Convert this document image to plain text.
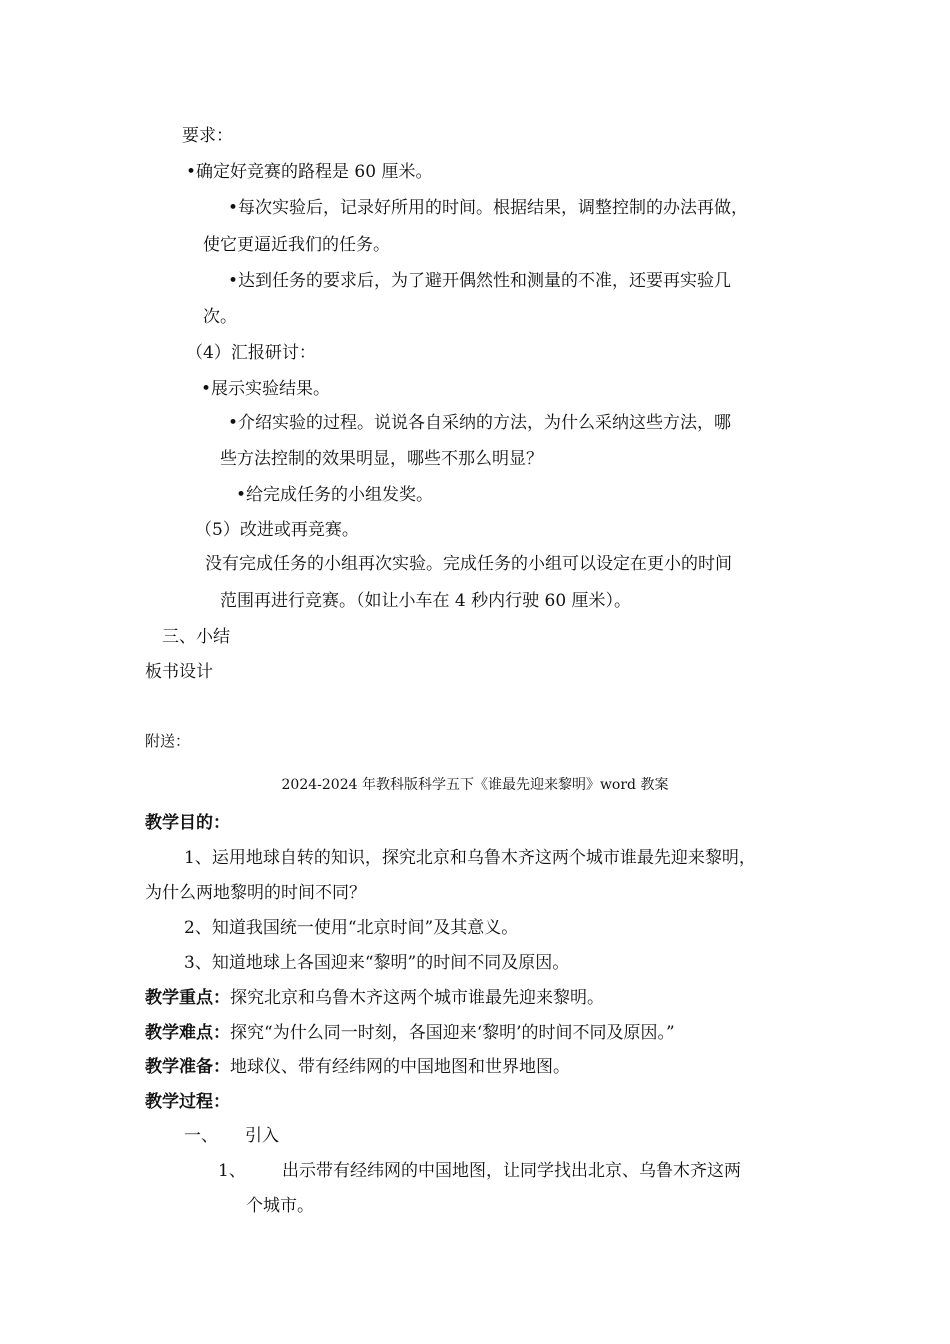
要求：
•确定好竞赛的路程是 60 厘米。
•每次实验后，记录好所用的时间。根据结果，调整控制的办法再做，
使它更逼近我们的任务。
•达到任务的要求后，为了避开偶然性和测量的不准，还要再实验几
次。
（4）汇报研讨：
•展示实验结果。
•介绍实验的过程。说说各自采纳的方法，为什么采纳这些方法，哪
些方法控制的效果明显，哪些不那么明显？
•给完成任务的小组发奖。
（5）改进或再竞赛。
没有完成任务的小组再次实验。完成任务的小组可以设定在更小的时间
范围再进行竞赛。（如让小车在 4 秒内行驶 60 厘米）。
三、小结
板书设计
附送：
2024-2024 年教科版科学五下《谁最先迎来黎明》word 教案
教学目的：
1、运用地球自转的知识，探究北京和乌鲁木齐这两个城市谁最先迎来黎明，
为什么两地黎明的时间不同？
2、知道我国统一使用“北京时间”及其意义。
3、知道地球上各国迎来“黎明”的时间不同及原因。
教学重点：探究北京和乌鲁木齐这两个城市谁最先迎来黎明。
教学难点：探究“为什么同一时刻，各国迎来‘黎明’的时间不同及原因。”
教学准备：地球仪、带有经纬网的中国地图和世界地图。
教学过程：
一、 引入
1、 出示带有经纬网的中国地图，让同学找出北京、乌鲁木齐这两
个城市。
